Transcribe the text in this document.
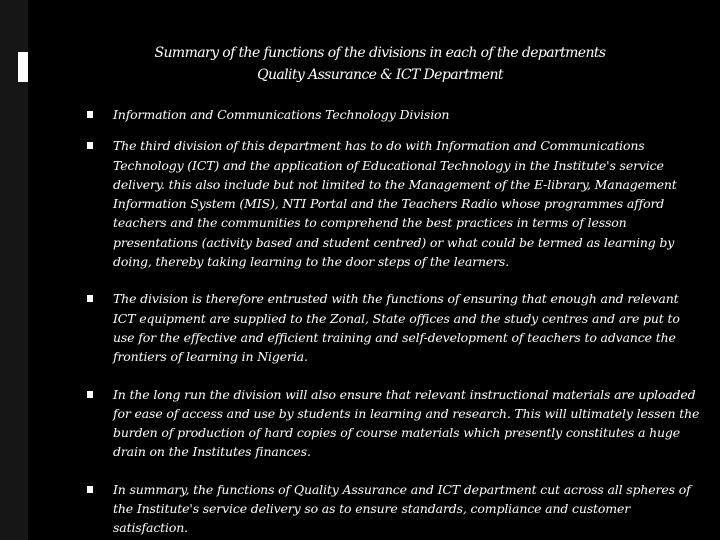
Summary of the functions of the divisions in each of the departments
Quality Assurance & ICT Department
Information and Communications Technology Division
The third division of this department has to do with Information and Communications Technology (ICT) and the application of Educational Technology in the Institute's service delivery. this also include but not limited to the Management of the E-library, Management Information System (MIS), NTI Portal and the Teachers Radio whose programmes afford teachers and the communities to comprehend the best practices in terms of lesson presentations (activity based and student centred) or what could be termed as learning by doing, thereby taking learning to the door steps of the learners.
The division is therefore entrusted with the functions of ensuring that enough and relevant ICT equipment are supplied to the Zonal, State offices and the study centres and are put to use for the effective and efficient training and self-development of teachers to advance the frontiers of learning in Nigeria.
In the long run the division will also ensure that relevant instructional materials are uploaded for ease of access and use by students in learning and research. This will ultimately lessen the burden of production of hard copies of course materials which presently constitutes a huge drain on the Institutes finances.
In summary, the functions of Quality Assurance and ICT department cut across all spheres of the Institute's service delivery so as to ensure standards, compliance and customer satisfaction.
